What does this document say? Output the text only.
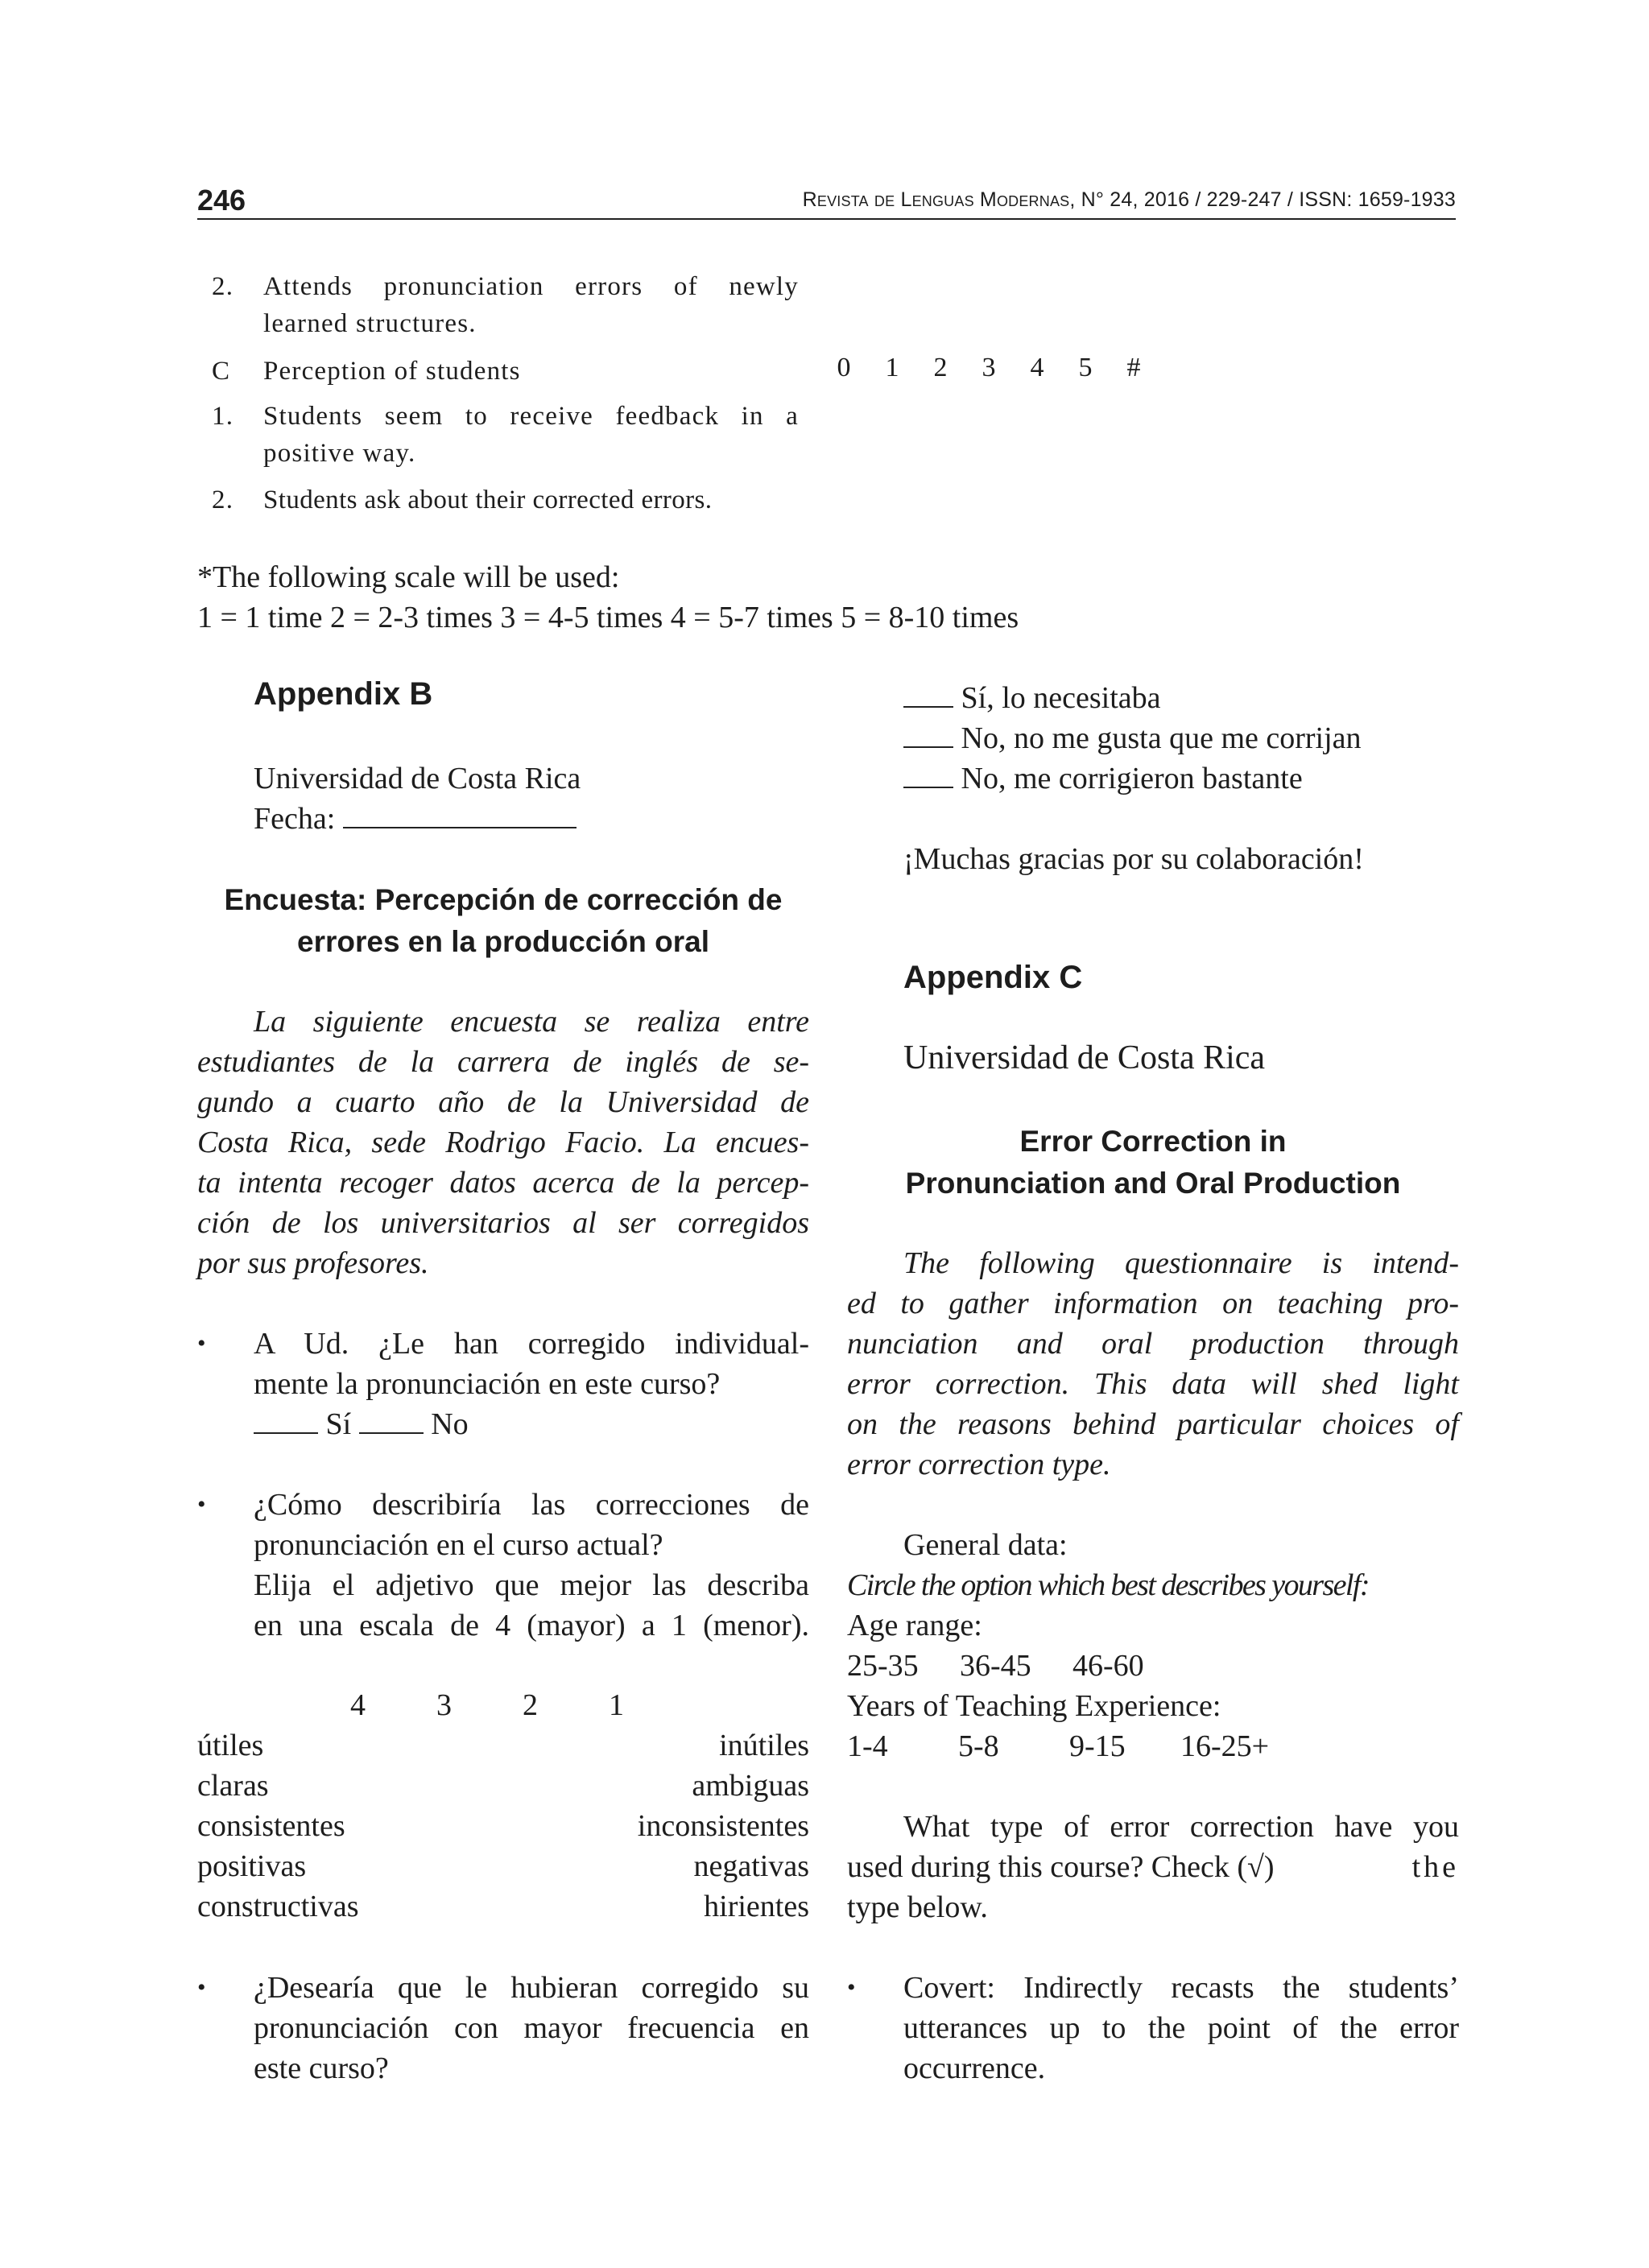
246	Revista de Lenguas Modernas, N° 24, 2016 / 229-247 / ISSN: 1659-1933
2. Attends pronunciation errors of newly
learned structures.
C Perception of students	0	1	2	3	4	5	#
1. Students seem to receive feedback in a
positive way.
2. Students ask about their corrected errors.
*The following scale will be used:
1 = 1 time 2 = 2-3 times 3 = 4-5 times 4 = 5-7 times 5 = 8-10 times
Appendix B
Universidad de Costa Rica
Fecha:
Encuesta: Percepción de corrección de
errores en la producción oral
La siguiente encuesta se realiza entre
estudiantes de la carrera de inglés de se-
gundo a cuarto año de la Universidad de
Costa Rica, sede Rodrigo Facio. La encues-
ta intenta recoger datos acerca de la percep-
ción de los universitarios al ser corregidos
por sus profesores.
• A Ud. ¿Le han corregido individual-
mente la pronunciación en este curso?
Sí  No
• ¿Cómo describiría las correcciones de
pronunciación en el curso actual?
Elija el adjetivo que mejor las describa
en una escala de 4 (mayor) a 1 (menor).
4 3 2 1
útiles	inútiles
claras	ambiguas
consistentes	inconsistentes
positivas	negativas
constructivas	hirientes
• ¿Desearía que le hubieran corregido su
pronunciación con mayor frecuencia en
este curso?
Sí, lo necesitaba
No, no me gusta que me corrijan
No, me corrigieron bastante
¡Muchas gracias por su colaboración!
Appendix C
Universidad de Costa Rica
Error Correction in
Pronunciation and Oral Production
The following questionnaire is intend-
ed to gather information on teaching pro-
nunciation and oral production through
error correction. This data will shed light
on the reasons behind particular choices of
error correction type.
General data:
Circle the option which best describes yourself:
Age range:
25-35 36-45 46-60
Years of Teaching Experience:
1-4 5-8 9-15 16-25+
What type of error correction have you
used during this course? Check (√)	the
type below.
• Covert: Indirectly recasts the students’
utterances up to the point of the error
occurrence.
